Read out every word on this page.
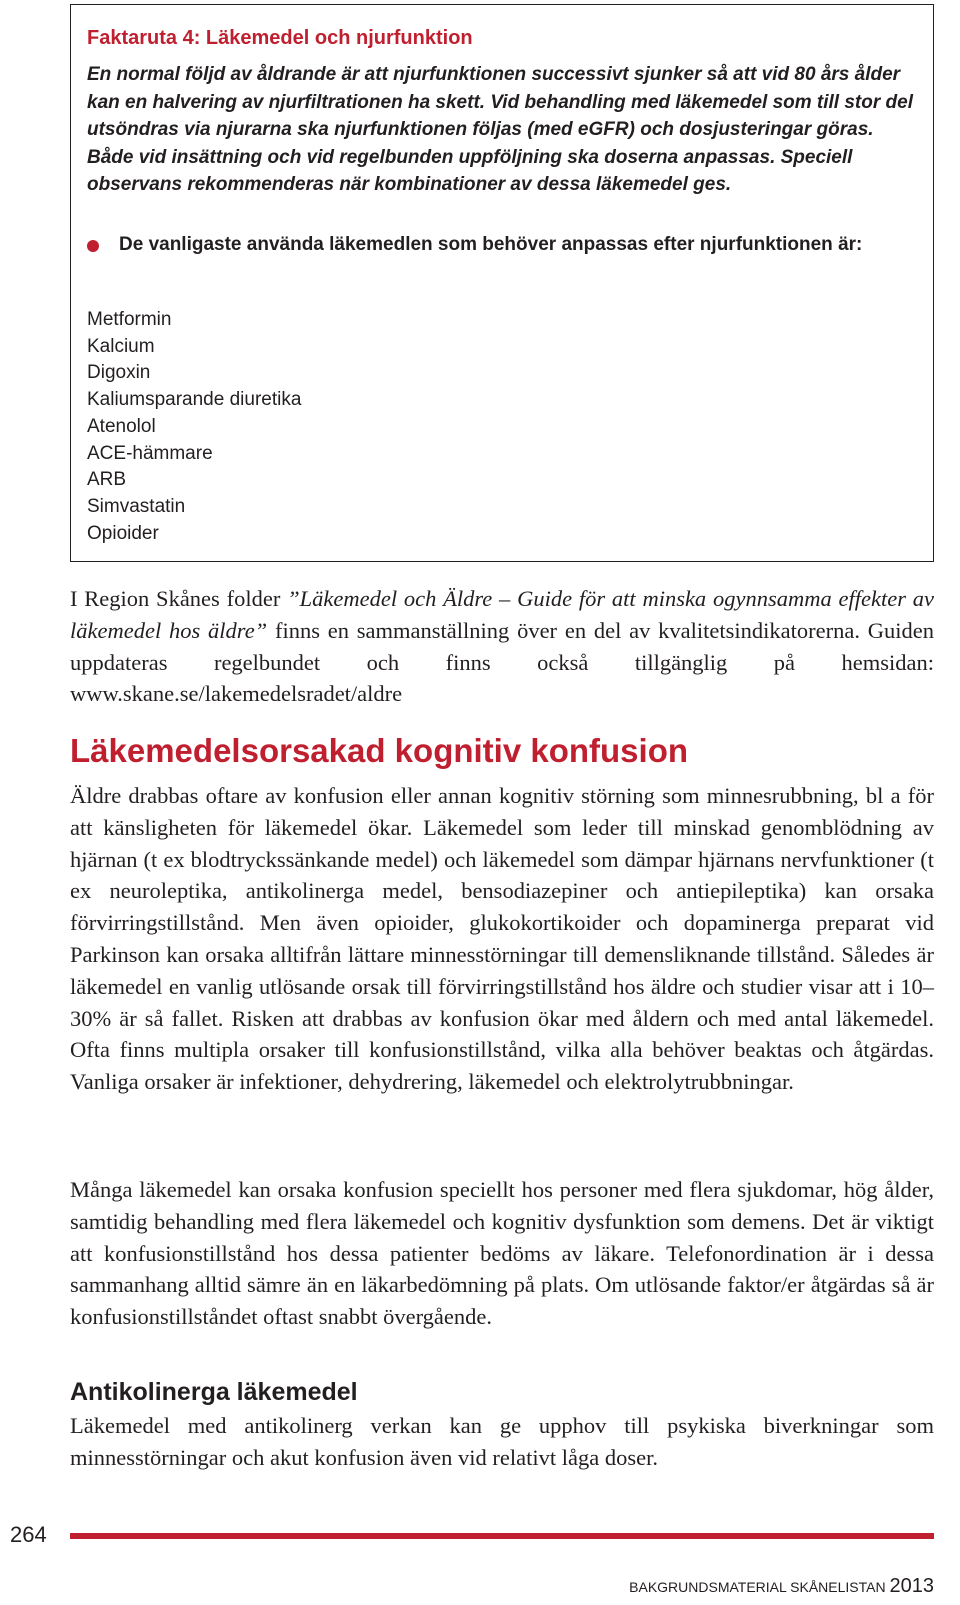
Faktaruta 4: Läkemedel och njurfunktion

En normal följd av åldrande är att njurfunktionen successivt sjunker så att vid 80 års ålder kan en halvering av njurfiltrationen ha skett. Vid behandling med läkemedel som till stor del utsöndras via njurarna ska njurfunktionen följas (med eGFR) och dosjusteringar göras. Både vid insättning och vid regelbunden uppföljning ska doserna anpassas. Speciell observans rekommenderas när kombinationer av dessa läkemedel ges.

De vanligaste använda läkemedlen som behöver anpassas efter njurfunktionen är:
Metformin
Kalcium
Digoxin
Kaliumsparande diuretika
Atenolol
ACE-hämmare
ARB
Simvastatin
Opioider

I Region Skånes folder ”Läkemedel och Äldre – Guide för att minska ogynnsamma effekter av läkemedel hos äldre” finns en sammanställning över en del av kvalitetsindikatorerna. Guiden uppdateras regelbundet och finns också tillgänglig på hemsidan: www.skane.se/lakemedelsradet/aldre

Läkemedelsorsakad kognitiv konfusion

Äldre drabbas oftare av konfusion eller annan kognitiv störning som minnesrubbning, bl a för att känsligheten för läkemedel ökar. Läkemedel som leder till minskad genomblödning av hjärnan (t ex blodtryckssänkande medel) och läkemedel som dämpar hjärnans nervfunktioner (t ex neuroleptika, antikolinerga medel, bensodiazepiner och antiepileptika) kan orsaka förvirringstillstånd. Men även opioider, glukokortikoider och dopaminerga preparat vid Parkinson kan orsaka alltifrån lättare minnesstörningar till demensliknande tillstånd. Således är läkemedel en vanlig utlösande orsak till förvirringstillstånd hos äldre och studier visar att i 10–30% är så fallet. Risken att drabbas av konfusion ökar med åldern och med antal läkemedel. Ofta finns multipla orsaker till konfusionstillstånd, vilka alla behöver beaktas och åtgärdas. Vanliga orsaker är infektioner, dehydrering, läkemedel och elektrolytrubbningar.

Många läkemedel kan orsaka konfusion speciellt hos personer med flera sjukdomar, hög ålder, samtidig behandling med flera läkemedel och kognitiv dysfunktion som demens. Det är viktigt att konfusionstillstånd hos dessa patienter bedöms av läkare. Telefonordination är i dessa sammanhang alltid sämre än en läkarbedömning på plats. Om utlösande faktor/er åtgärdas så är konfusionstillståndet oftast snabbt övergående.

Antikolinerga läkemedel

Läkemedel med antikolinerg verkan kan ge upphov till psykiska biverkningar som minnesstörningar och akut konfusion även vid relativt låga doser.

264
BAKGRUNDSMATERIAL SKÅNELISTAN 2013
